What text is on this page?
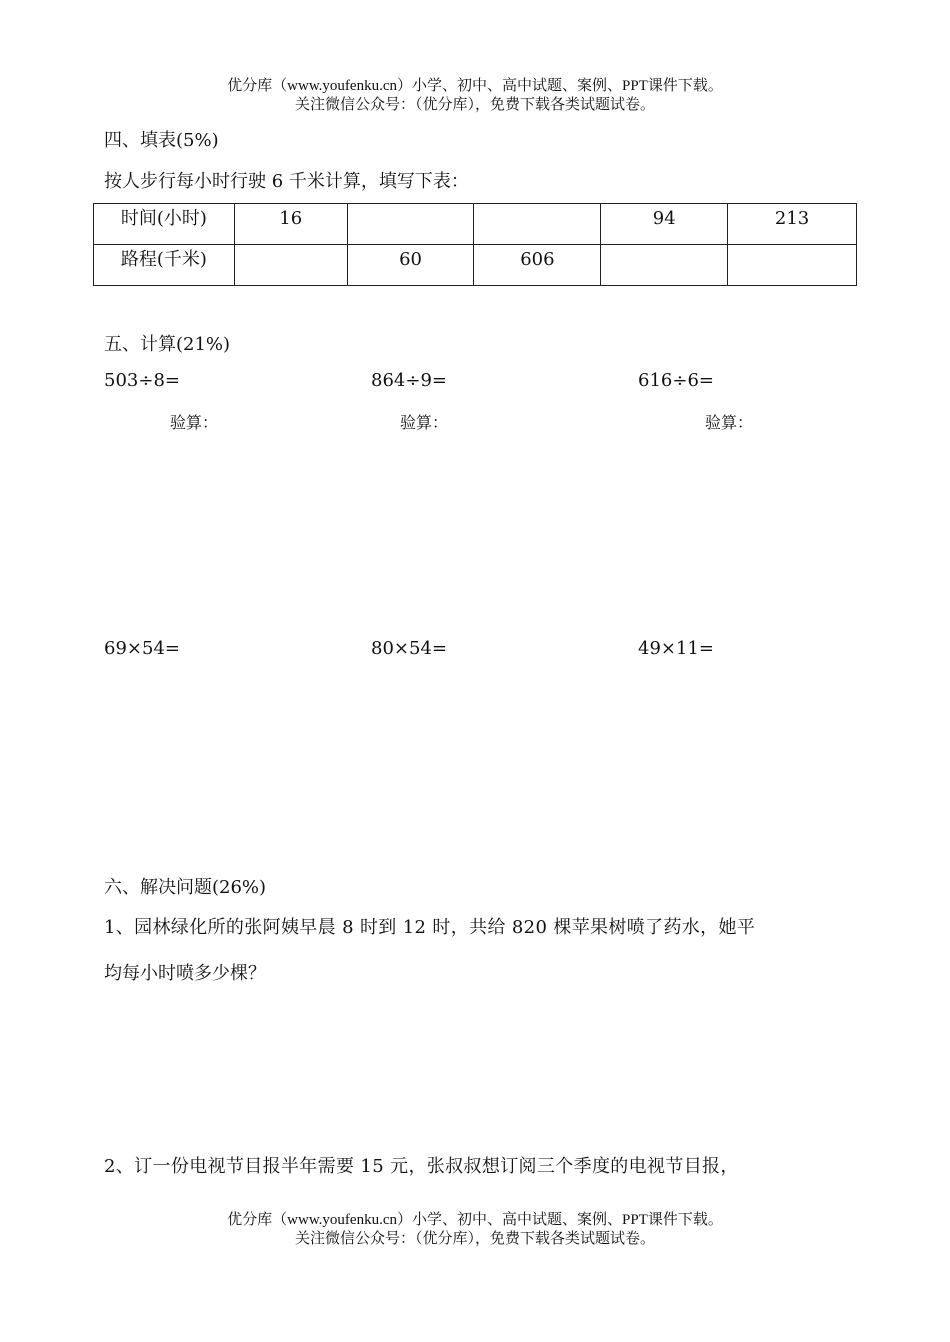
优分库（www.youfenku.cn）小学、初中、高中试题、案例、PPT课件下载。
关注微信公众号：（优分库），免费下载各类试题试卷。
四、填表(5%)
按人步行每小时行驶 6 千米计算，填写下表：
时间(小时)	16			94	213
路程(千米)		60	606		
五、计算(21%)
503÷8=	864÷9=	616÷6=
验算：	验算：	验算：
69×54=	80×54=	49×11=
六、解决问题(26%)
1、园林绿化所的张阿姨早晨 8 时到 12 时，共给 820 棵苹果树喷了药水，她平
均每小时喷多少棵？
2、订一份电视节目报半年需要 15 元，张叔叔想订阅三个季度的电视节目报，
优分库（www.youfenku.cn）小学、初中、高中试题、案例、PPT课件下载。
关注微信公众号：（优分库），免费下载各类试题试卷。
